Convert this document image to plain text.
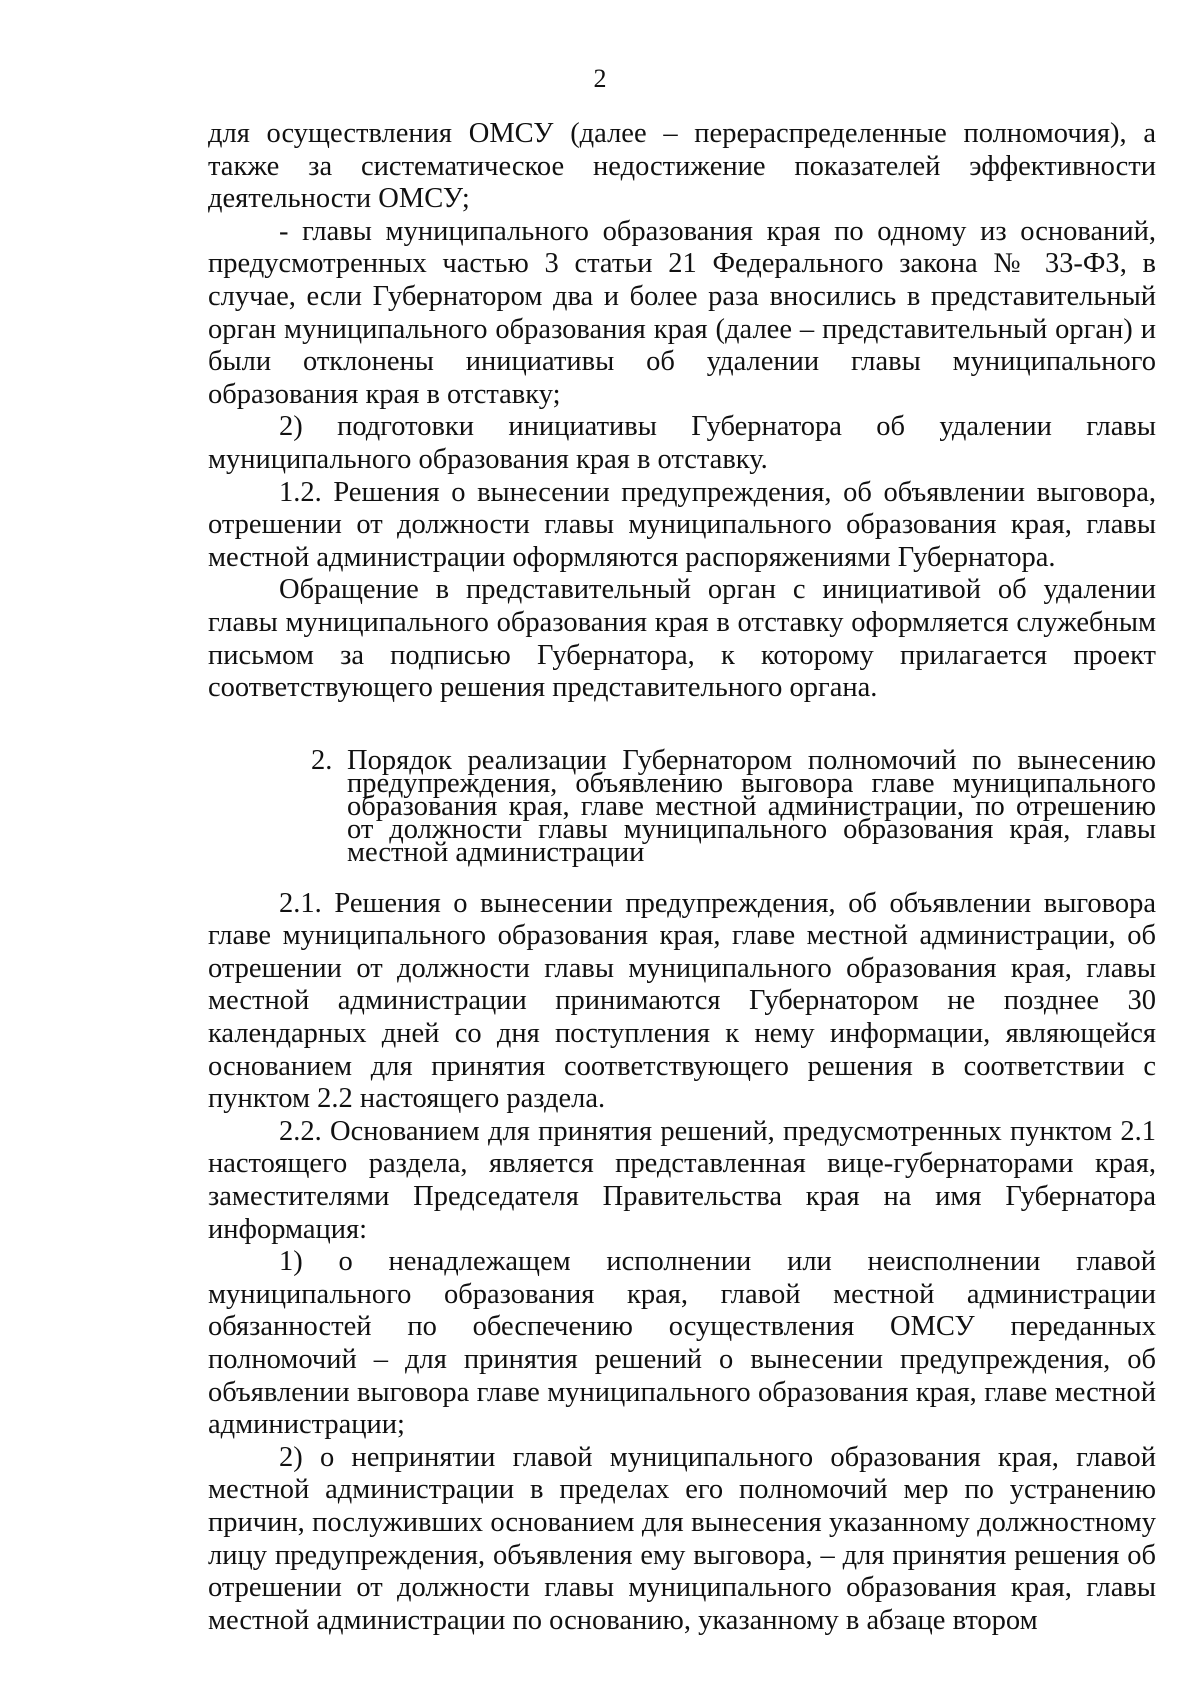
2

для осуществления ОМСУ (далее – перераспределенные полномочия), а также за систематическое недостижение показателей эффективности деятельности ОМСУ;

- главы муниципального образования края по одному из оснований, предусмотренных частью 3 статьи 21 Федерального закона № 33-ФЗ, в случае, если Губернатором два и более раза вносились в представительный орган муниципального образования края (далее – представительный орган) и были отклонены инициативы об удалении главы муниципального образования края в отставку;

2) подготовки инициативы Губернатора об удалении главы муниципального образования края в отставку.

1.2. Решения о вынесении предупреждения, об объявлении выговора, отрешении от должности главы муниципального образования края, главы местной администрации оформляются распоряжениями Губернатора.

Обращение в представительный орган с инициативой об удалении главы муниципального образования края в отставку оформляется служебным письмом за подписью Губернатора, к которому прилагается проект соответствующего решения представительного органа.

2. Порядок реализации Губернатором полномочий по вынесению предупреждения, объявлению выговора главе муниципального образования края, главе местной администрации, по отрешению от должности главы муниципального образования края, главы местной администрации

2.1. Решения о вынесении предупреждения, об объявлении выговора главе муниципального образования края, главе местной администрации, об отрешении от должности главы муниципального образования края, главы местной администрации принимаются Губернатором не позднее 30 календарных дней со дня поступления к нему информации, являющейся основанием для принятия соответствующего решения в соответствии с пунктом 2.2 настоящего раздела.

2.2. Основанием для принятия решений, предусмотренных пунктом 2.1 настоящего раздела, является представленная вице-губернаторами края, заместителями Председателя Правительства края на имя Губернатора информация:

1) о ненадлежащем исполнении или неисполнении главой муниципального образования края, главой местной администрации обязанностей по обеспечению осуществления ОМСУ переданных полномочий – для принятия решений о вынесении предупреждения, об объявлении выговора главе муниципального образования края, главе местной администрации;

2) о непринятии главой муниципального образования края, главой местной администрации в пределах его полномочий мер по устранению причин, послуживших основанием для вынесения указанному должностному лицу предупреждения, объявления ему выговора, – для принятия решения об отрешении от должности главы муниципального образования края, главы местной администрации по основанию, указанному в абзаце втором
